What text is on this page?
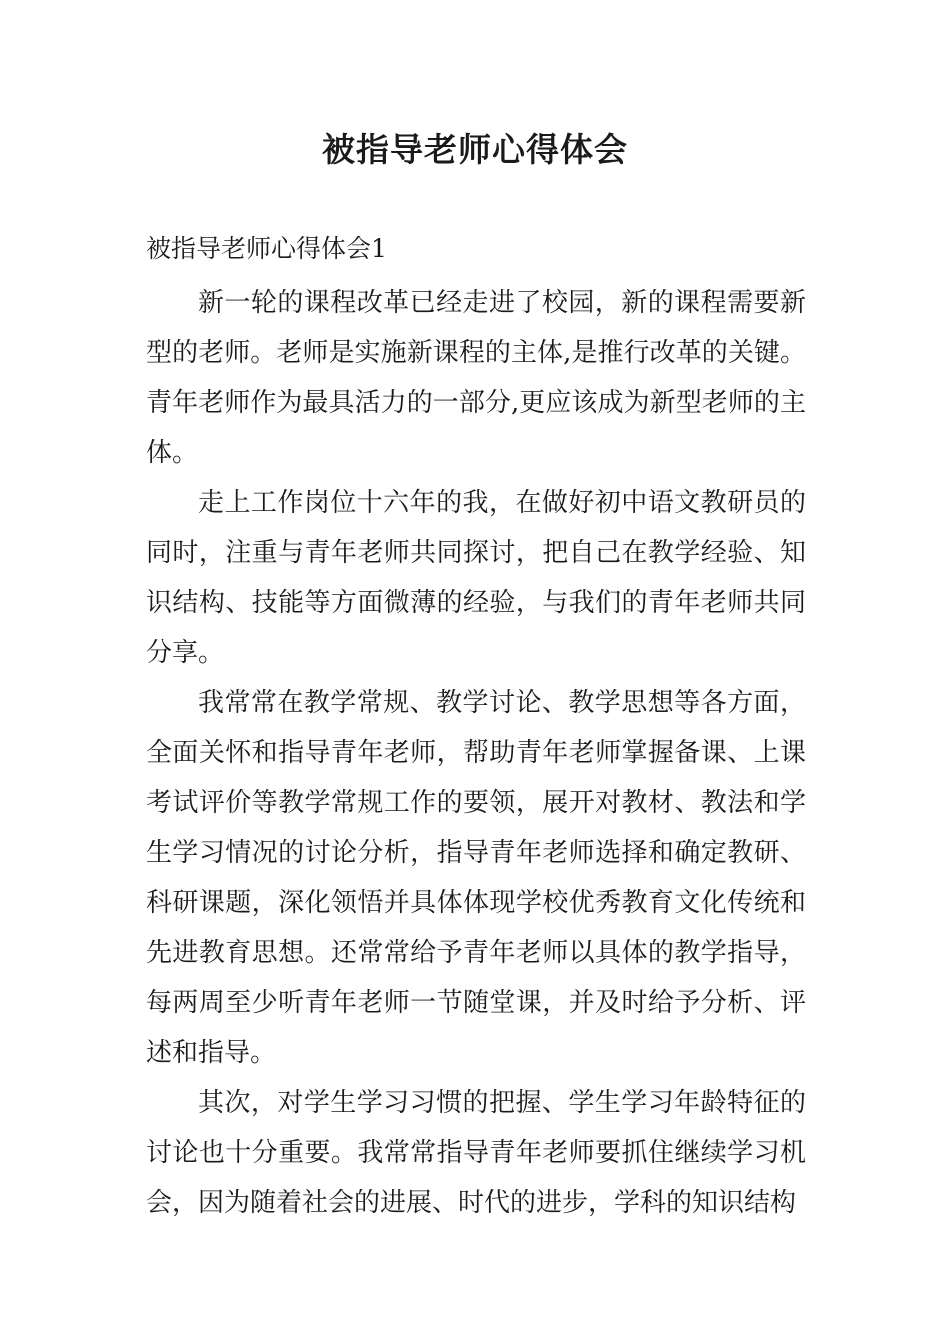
被指导老师心得体会
被指导老师心得体会1

新一轮的课程改革已经走进了校园，新的课程需要新型的老师。老师是实施新课程的主体,是推行改革的关键。青年老师作为最具活力的一部分,更应该成为新型老师的主体。

走上工作岗位十六年的我，在做好初中语文教研员的同时，注重与青年老师共同探讨，把自己在教学经验、知识结构、技能等方面微薄的经验，与我们的青年老师共同分享。

我常常在教学常规、教学讨论、教学思想等各方面，全面关怀和指导青年老师，帮助青年老师掌握备课、上课考试评价等教学常规工作的要领，展开对教材、教法和学生学习情况的讨论分析，指导青年老师选择和确定教研、科研课题，深化领悟并具体体现学校优秀教育文化传统和先进教育思想。还常常给予青年老师以具体的教学指导，每两周至少听青年老师一节随堂课，并及时给予分析、评述和指导。

其次，对学生学习习惯的把握、学生学习年龄特征的讨论也十分重要。我常常指导青年老师要抓住继续学习机会，因为随着社会的进展、时代的进步，学科的知识结构
